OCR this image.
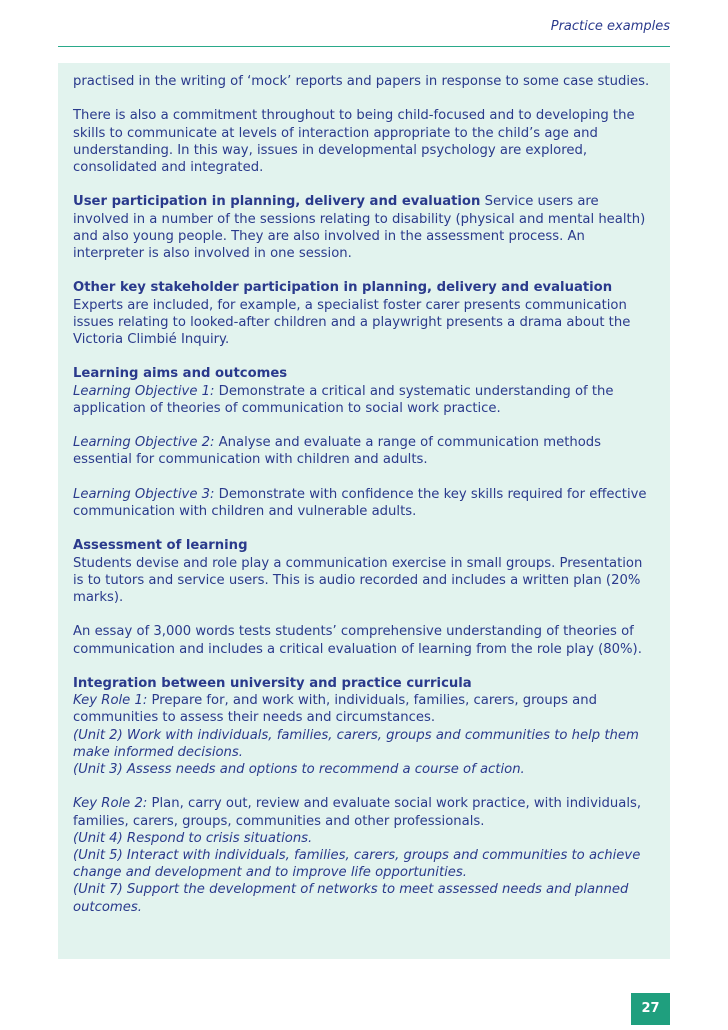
Practice examples

practised in the writing of ‘mock’ reports and papers in response to some case studies.

There is also a commitment throughout to being child-focused and to developing the skills to communicate at levels of interaction appropriate to the child’s age and understanding. In this way, issues in developmental psychology are explored, consolidated and integrated.

User participation in planning, delivery and evaluation Service users are involved in a number of the sessions relating to disability (physical and mental health) and also young people. They are also involved in the assessment process. An interpreter is also involved in one session.

Other key stakeholder participation in planning, delivery and evaluation

Experts are included, for example, a specialist foster carer presents communication issues relating to looked-after children and a playwright presents a drama about the Victoria Climbié Inquiry.

Learning aims and outcomes

Learning Objective 1: Demonstrate a critical and systematic understanding of the application of theories of communication to social work practice.

Learning Objective 2: Analyse and evaluate a range of communication methods essential for communication with children and adults.

Learning Objective 3: Demonstrate with confidence the key skills required for effective communication with children and vulnerable adults.

Assessment of learning

Students devise and role play a communication exercise in small groups. Presentation is to tutors and service users. This is audio recorded and includes a written plan (20% marks).

An essay of 3,000 words tests students’ comprehensive understanding of theories of communication and includes a critical evaluation of learning from the role play (80%).

Integration between university and practice curricula

Key Role 1: Prepare for, and work with, individuals, families, carers, groups and communities to assess their needs and circumstances.

(Unit 2) Work with individuals, families, carers, groups and communities to help them make informed decisions.

(Unit 3) Assess needs and options to recommend a course of action.

Key Role 2: Plan, carry out, review and evaluate social work practice, with individuals, families, carers, groups, communities and other professionals.

(Unit 4) Respond to crisis situations.

(Unit 5) Interact with individuals, families, carers, groups and communities to achieve change and development and to improve life opportunities.

(Unit 7) Support the development of networks to meet assessed needs and planned outcomes.

27
